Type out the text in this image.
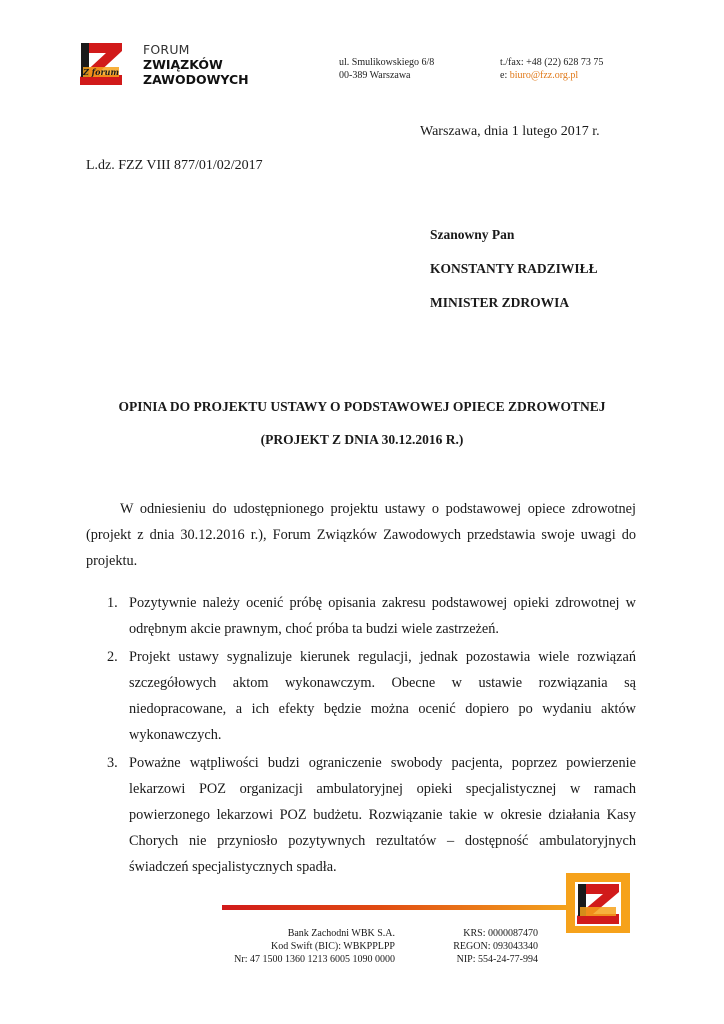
Z forum
FORUM
ZWIĄZKÓW
ZAWODOWYCH
ul. Smulikowskiego 6/8
00-389 Warszawa
t./fax: +48 (22) 628 73 75
e: biuro@fzz.org.pl
Warszawa, dnia 1 lutego 2017 r.
L.dz. FZZ VIII 877/01/02/2017
Szanowny Pan
KONSTANTY RADZIWIŁŁ
MINISTER ZDROWIA
OPINIA DO PROJEKTU USTAWY O PODSTAWOWEJ OPIECE ZDROWOTNEJ
(PROJEKT Z DNIA 30.12.2016 R.)
W odniesieniu do udostępnionego projektu ustawy o podstawowej opiece zdrowotnej (projekt z dnia 30.12.2016 r.), Forum Związków Zawodowych przedstawia swoje uwagi do projektu.
1. Pozytywnie należy ocenić próbę opisania zakresu podstawowej opieki zdrowotnej w odrębnym akcie prawnym, choć próba ta budzi wiele zastrzeżeń.
2. Projekt ustawy sygnalizuje kierunek regulacji, jednak pozostawia wiele rozwiązań szczegółowych aktom wykonawczym. Obecne w ustawie rozwiązania są niedopracowane, a ich efekty będzie można ocenić dopiero po wydaniu aktów wykonawczych.
3. Poważne wątpliwości budzi ograniczenie swobody pacjenta, poprzez powierzenie lekarzowi POZ organizacji ambulatoryjnej opieki specjalistycznej w ramach powierzonego lekarzowi POZ budżetu. Rozwiązanie takie w okresie działania Kasy Chorych nie przyniosło pozytywnych rezultatów – dostępność ambulatoryjnych świadczeń specjalistycznych spadła.
Bank Zachodni WBK S.A.
Kod Swift (BIC): WBKPPLPP
Nr: 47 1500 1360 1213 6005 1090 0000
KRS: 0000087470
REGON: 093043340
NIP: 554-24-77-994
